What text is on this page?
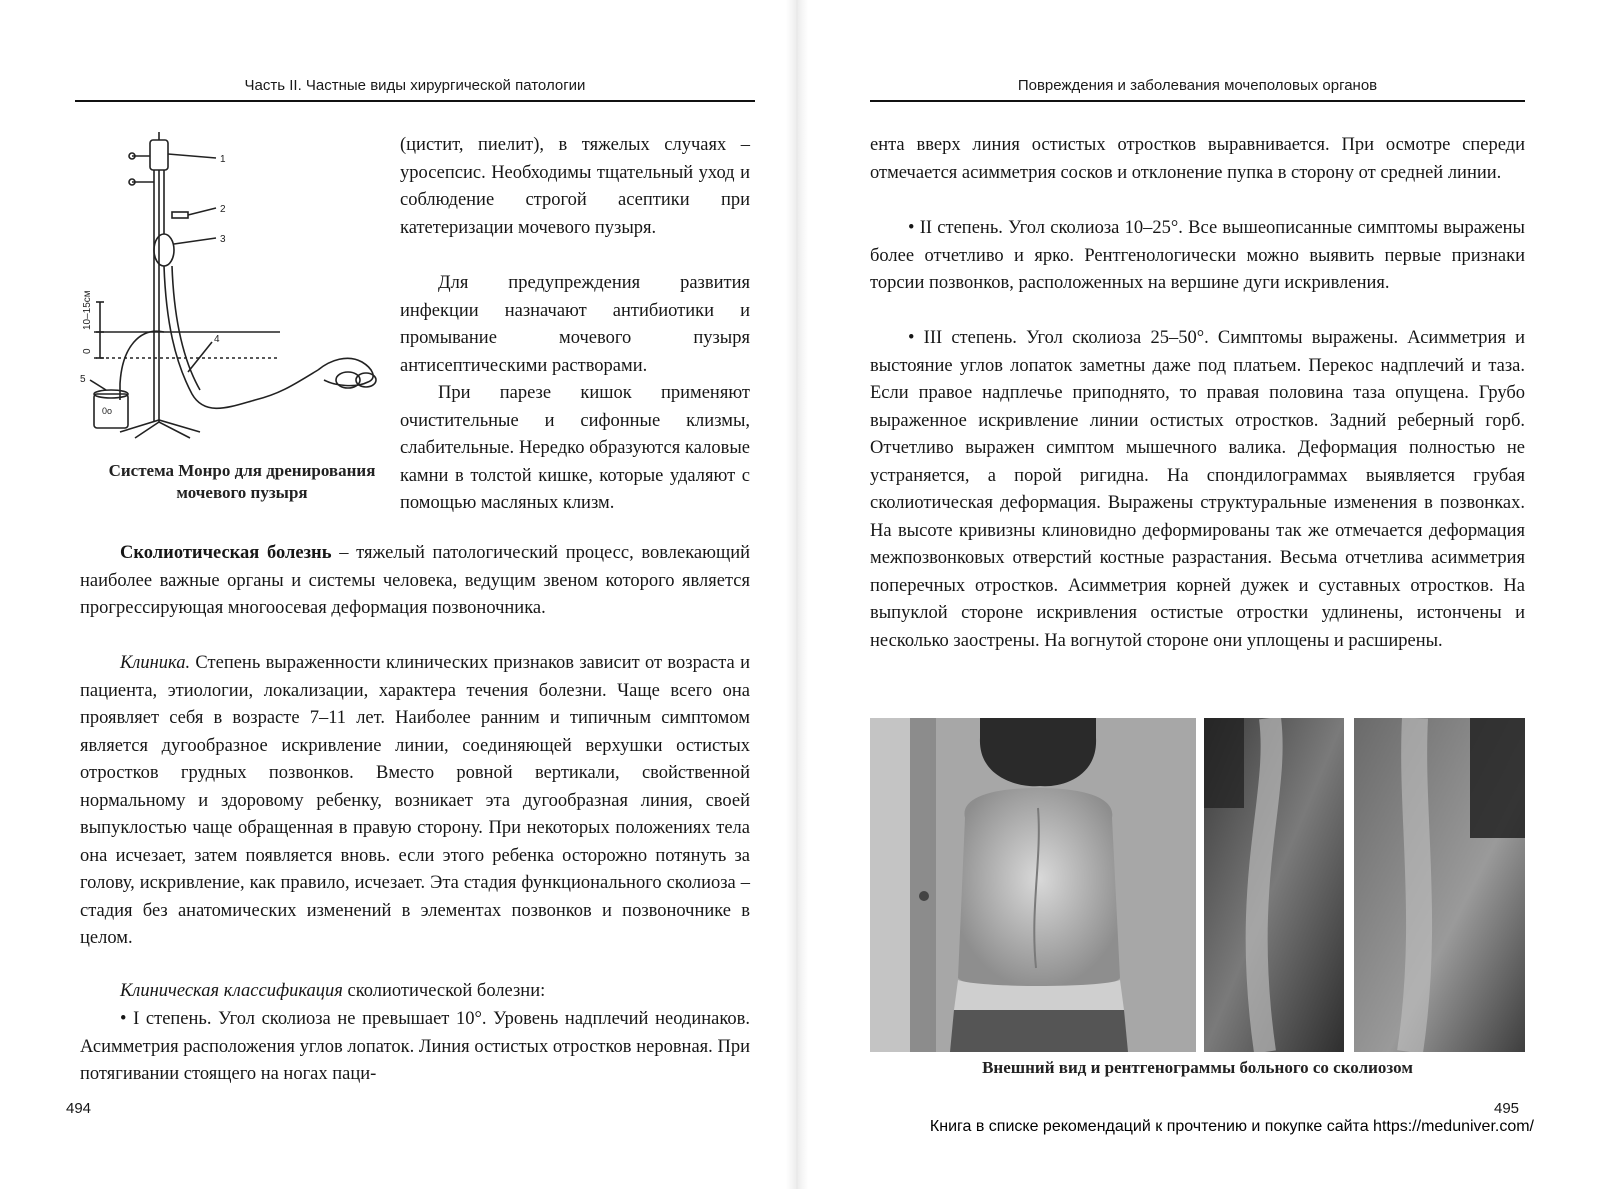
Часть II. Частные виды хирургической патологии
1
2
3
4
5
10–15см
0
0о
Система Монро для дренирования мочевого пузыря

(цистит, пиелит), в тяжелых случаях – уросепсис. Необходимы тщательный уход и соблюдение строгой асептики при катетеризации мочевого пузыря.

Для предупреждения развития инфекции назначают антибиотики и промывание мочевого пузыря антисептическими растворами.

При парезе кишок применяют очистительные и сифонные клизмы, слабительные. Нередко образуются каловые камни в толстой кишке, которые удаляют с помощью масляных клизм.

Сколиотическая болезнь – тяжелый патологический процесс, вовлекающий наиболее важные органы и системы человека, ведущим звеном которого является прогрессирующая многоосевая деформация позвоночника.

Клиника. Степень выраженности клинических признаков зависит от возраста и пациента, этиологии, локализации, характера течения болезни. Чаще всего она проявляет себя в возрасте 7–11 лет. Наиболее ранним и типичным симптомом является дугообразное искривление линии, соединяющей верхушки остистых отростков грудных позвонков. Вместо ровной вертикали, свойственной нормальному и здоровому ребенку, возникает эта дугообразная линия, своей выпуклостью чаще обращенная в правую сторону. При некоторых положениях тела она исчезает, затем появляется вновь. если этого ребенка осторожно потянуть за голову, искривление, как правило, исчезает. Эта стадия функционального сколиоза – стадия без анатомических изменений в элементах позвонков и позвоночнике в целом.

Клиническая классификация сколиотической болезни:

• I степень. Угол сколиоза не превышает 10°. Уровень надплечий неодинаков. Асимметрия расположения углов лопаток. Линия остистых отростков неровная. При потягивании стоящего на ногах паци-

494
Повреждения и заболевания мочеполовых органов

ента вверх линия остистых отростков выравнивается. При осмотре спереди отмечается асимметрия сосков и отклонение пупка в сторону от средней линии.

• II степень. Угол сколиоза 10–25°. Все вышеописанные симптомы выражены более отчетливо и ярко. Рентгенологически можно выявить первые признаки торсии позвонков, расположенных на вершине дуги искривления.

• III степень. Угол сколиоза 25–50°. Симптомы выражены. Асимметрия и выстояние углов лопаток заметны даже под платьем. Перекос надплечий и таза. Если правое надплечье приподнято, то правая половина таза опущена. Грубо выраженное искривление линии остистых отростков. Задний реберный горб. Отчетливо выражен симптом мышечного валика. Деформация полностью не устраняется, а порой ригидна. На спондилограммах выявляется грубая сколиотическая деформация. Выражены структуральные изменения в позвонках. На высоте кривизны клиновидно деформированы так же отмечается деформация межпозвонковых отверстий костные разрастания. Весьма отчетлива асимметрия поперечных отростков. Асимметрия корней дужек и суставных отростков. На выпуклой стороне искривления остистые отростки удлинены, истончены и несколько заострены. На вогнутой стороне они уплощены и расширены.

Внешний вид и рентгенограммы больного со сколиозом
495
Книга в списке рекомендаций к прочтению и покупке сайта https://meduniver.com/
